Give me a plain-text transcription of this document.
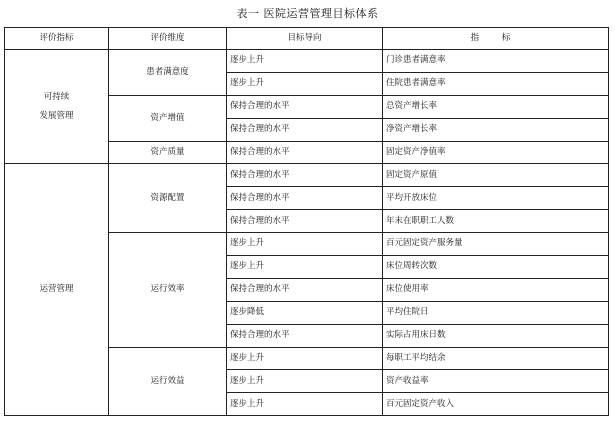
表一 医院运营管理目标体系
评价指标	评价维度	目标导向	指 标

可持续
发展管理	患者满意度	逐步上升	门诊患者满意率
		逐步上升	住院患者满意率
	资产增值	保持合理的水平	总资产增长率
		保持合理的水平	净资产增长率
	资产质量	保持合理的水平	固定资产净值率

运营管理	资源配置	保持合理的水平	固定资产原值
		保持合理的水平	平均开放床位
		保持合理的水平	年末在职职工人数
	运行效率	逐步上升	百元固定资产服务量
		逐步上升	床位周转次数
		保持合理的水平	床位使用率
		逐步降低	平均住院日
		保持合理的水平	实际占用床日数
	运行效益	逐步上升	每职工平均结余
		逐步上升	资产收益率
		逐步上升	百元固定资产收入
